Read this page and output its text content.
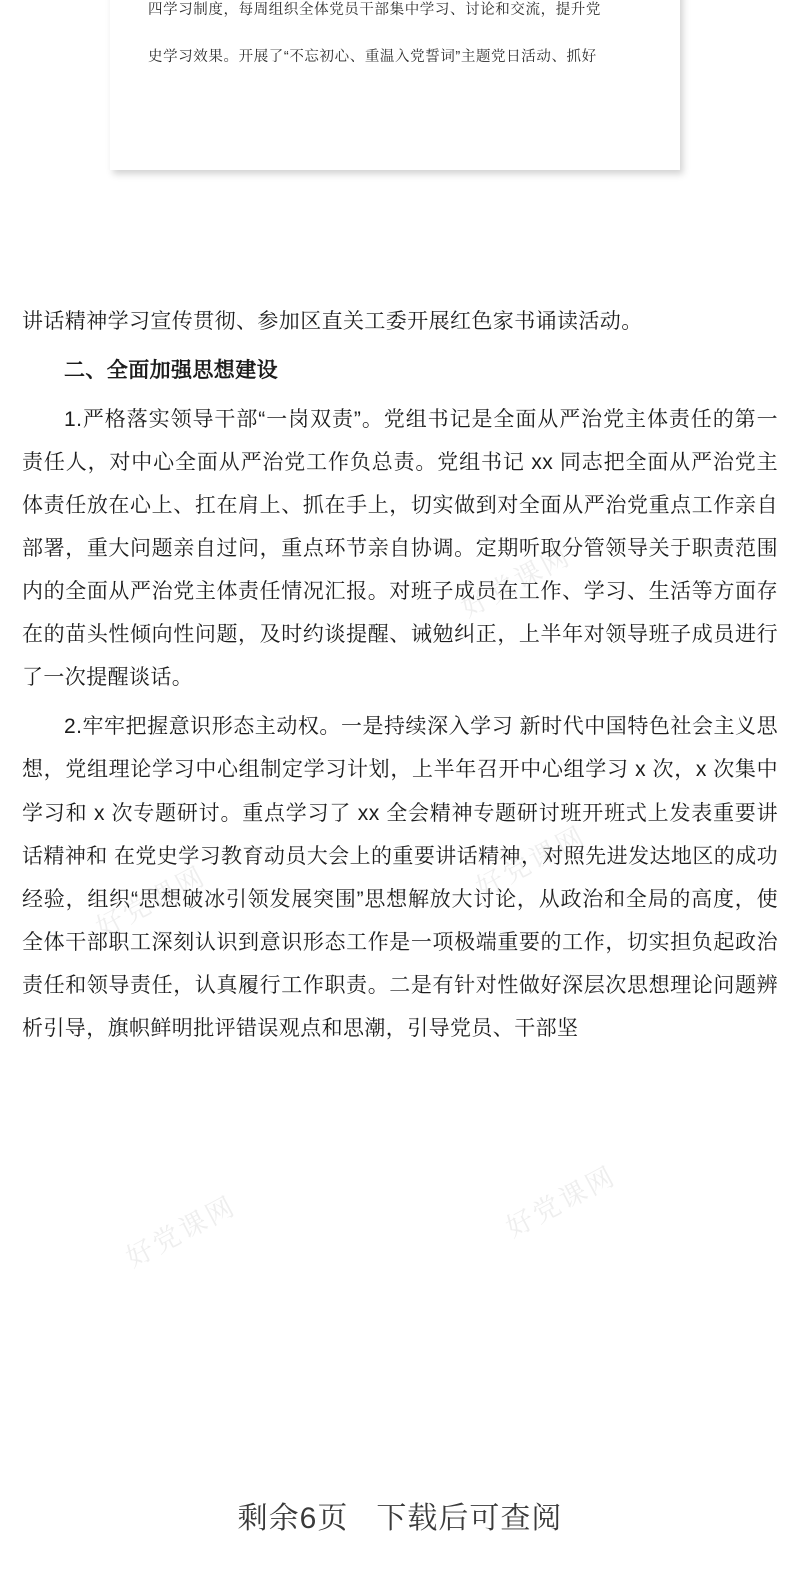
四学习制度，每周组织全体党员干部集中学习、讨论和交流，提升党

史学习效果。开展了“不忘初心、重温入党誓词”主题党日活动、抓好

讲话精神学习宣传贯彻、参加区直关工委开展红色家书诵读活动。

二、全面加强思想建设

1.严格落实领导干部“一岗双责”。党组书记是全面从严治党主体责任的第一责任人，对中心全面从严治党工作负总责。党组书记 xx 同志把全面从严治党主体责任放在心上、扛在肩上、抓在手上，切实做到对全面从严治党重点工作亲自部署，重大问题亲自过问，重点环节亲自协调。定期听取分管领导关于职责范围内的全面从严治党主体责任情况汇报。对班子成员在工作、学习、生活等方面存在的苗头性倾向性问题，及时约谈提醒、诫勉纠正，上半年对领导班子成员进行了一次提醒谈话。

2.牢牢把握意识形态主动权。一是持续深入学习 新时代中国特色社会主义思想，党组理论学习中心组制定学习计划，上半年召开中心组学习 x 次，x 次集中学习和 x 次专题研讨。重点学习了 xx 全会精神专题研讨班开班式上发表重要讲话精神和 在党史学习教育动员大会上的重要讲话精神，对照先进发达地区的成功经验，组织“思想破冰引领发展突围”思想解放大讨论，从政治和全局的高度，使全体干部职工深刻认识到意识形态工作是一项极端重要的工作，切实担负起政治责任和领导责任，认真履行工作职责。二是有针对性做好深层次思想理论问题辨析引导，旗帜鲜明批评错误观点和思潮，引导党员、干部坚

好党课网
好党课网	好党课网
好党课网	好党课网
剩余6页 下载后可查阅
